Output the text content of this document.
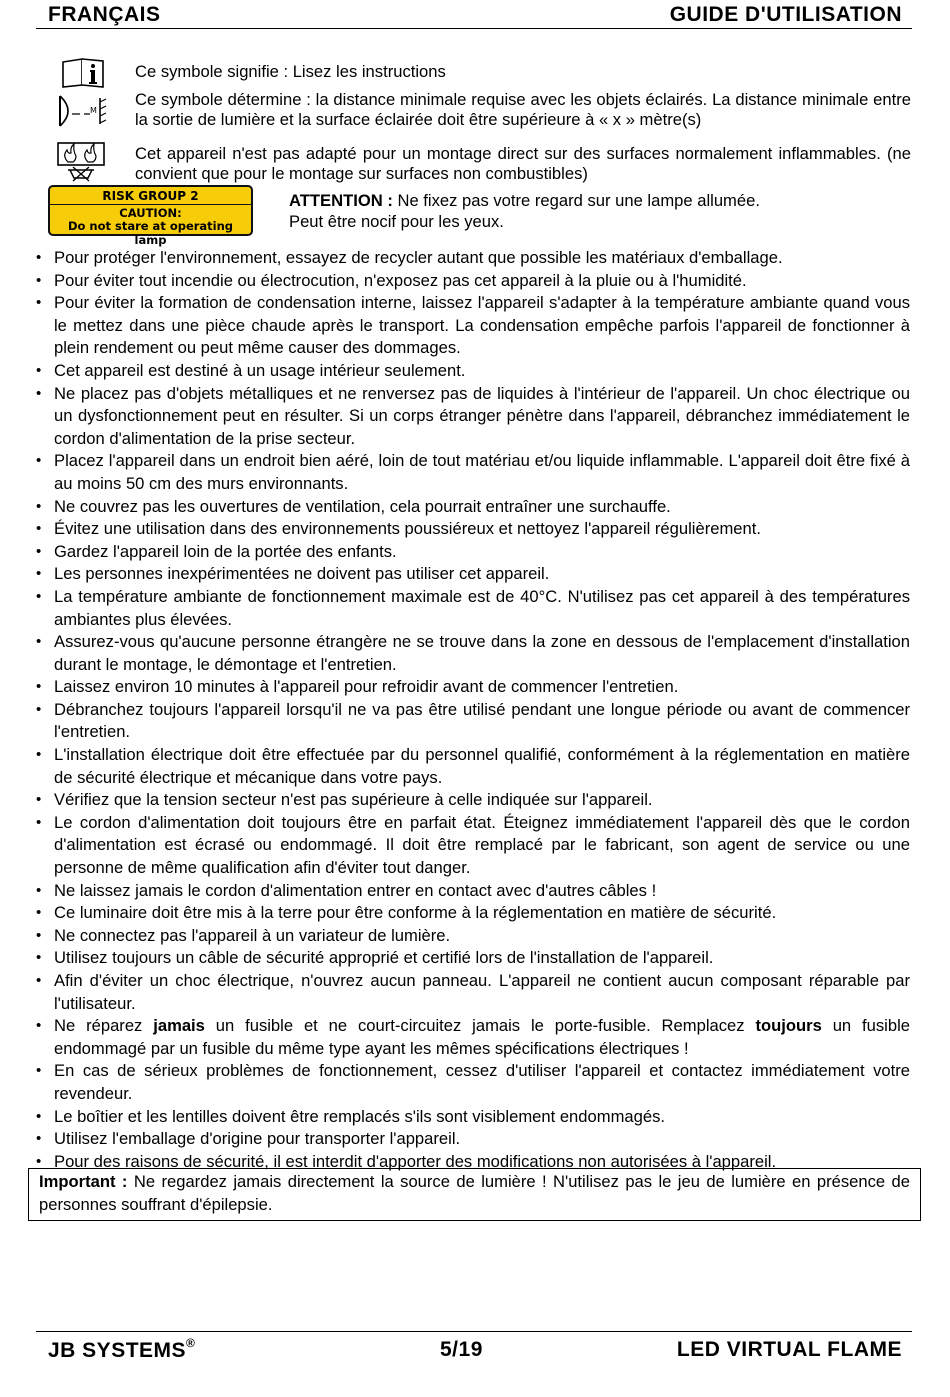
FRANÇAIS	GUIDE D'UTILISATION
M
Ce symbole signifie : Lisez les instructions
Ce symbole détermine : la distance minimale requise avec les objets éclairés. La distance minimale entre la sortie de lumière et la surface éclairée doit être supérieure à « x » mètre(s)
Cet appareil n'est pas adapté pour un montage direct sur des surfaces normalement inflammables. (ne convient que pour le montage sur surfaces non combustibles)
RISK GROUP 2
CAUTION:
Do not stare at operating lamp
ATTENTION : Ne fixez pas votre regard sur une lampe allumée.
Peut être nocif pour les yeux.
• Pour protéger l'environnement, essayez de recycler autant que possible les matériaux d'emballage.
• Pour éviter tout incendie ou électrocution, n'exposez pas cet appareil à la pluie ou à l'humidité.
• Pour éviter la formation de condensation interne, laissez l'appareil s'adapter à la température ambiante quand vous le mettez dans une pièce chaude après le transport. La condensation empêche parfois l'appareil de fonctionner à plein rendement ou peut même causer des dommages.
• Cet appareil est destiné à un usage intérieur seulement.
• Ne placez pas d'objets métalliques et ne renversez pas de liquides à l'intérieur de l'appareil. Un choc électrique ou un dysfonctionnement peut en résulter. Si un corps étranger pénètre dans l'appareil, débranchez immédiatement le cordon d'alimentation de la prise secteur.
• Placez l'appareil dans un endroit bien aéré, loin de tout matériau et/ou liquide inflammable. L'appareil doit être fixé à au moins 50 cm des murs environnants.
• Ne couvrez pas les ouvertures de ventilation, cela pourrait entraîner une surchauffe.
• Évitez une utilisation dans des environnements poussiéreux et nettoyez l'appareil régulièrement.
• Gardez l'appareil loin de la portée des enfants.
• Les personnes inexpérimentées ne doivent pas utiliser cet appareil.
• La température ambiante de fonctionnement maximale est de 40°C. N'utilisez pas cet appareil à des températures ambiantes plus élevées.
• Assurez-vous qu'aucune personne étrangère ne se trouve dans la zone en dessous de l'emplacement d'installation durant le montage, le démontage et l'entretien.
• Laissez environ 10 minutes à l'appareil pour refroidir avant de commencer l'entretien.
• Débranchez toujours l'appareil lorsqu'il ne va pas être utilisé pendant une longue période ou avant de commencer l'entretien.
• L'installation électrique doit être effectuée par du personnel qualifié, conformément à la réglementation en matière de sécurité électrique et mécanique dans votre pays.
• Vérifiez que la tension secteur n'est pas supérieure à celle indiquée sur l'appareil.
• Le cordon d'alimentation doit toujours être en parfait état. Éteignez immédiatement l'appareil dès que le cordon d'alimentation est écrasé ou endommagé. Il doit être remplacé par le fabricant, son agent de service ou une personne de même qualification afin d'éviter tout danger.
• Ne laissez jamais le cordon d'alimentation entrer en contact avec d'autres câbles !
• Ce luminaire doit être mis à la terre pour être conforme à la réglementation en matière de sécurité.
• Ne connectez pas l'appareil à un variateur de lumière.
• Utilisez toujours un câble de sécurité approprié et certifié lors de l'installation de l'appareil.
• Afin d'éviter un choc électrique, n'ouvrez aucun panneau. L'appareil ne contient aucun composant réparable par l'utilisateur.
• Ne réparez jamais un fusible et ne court-circuitez jamais le porte-fusible. Remplacez toujours un fusible endommagé par un fusible du même type ayant les mêmes spécifications électriques !
• En cas de sérieux problèmes de fonctionnement, cessez d'utiliser l'appareil et contactez immédiatement votre revendeur.
• Le boîtier et les lentilles doivent être remplacés s'ils sont visiblement endommagés.
• Utilisez l'emballage d'origine pour transporter l'appareil.
• Pour des raisons de sécurité, il est interdit d'apporter des modifications non autorisées à l'appareil.
Important : Ne regardez jamais directement la source de lumière ! N'utilisez pas le jeu de lumière en présence de personnes souffrant d'épilepsie.
JB SYSTEMS®	5/19	LED VIRTUAL FLAME
